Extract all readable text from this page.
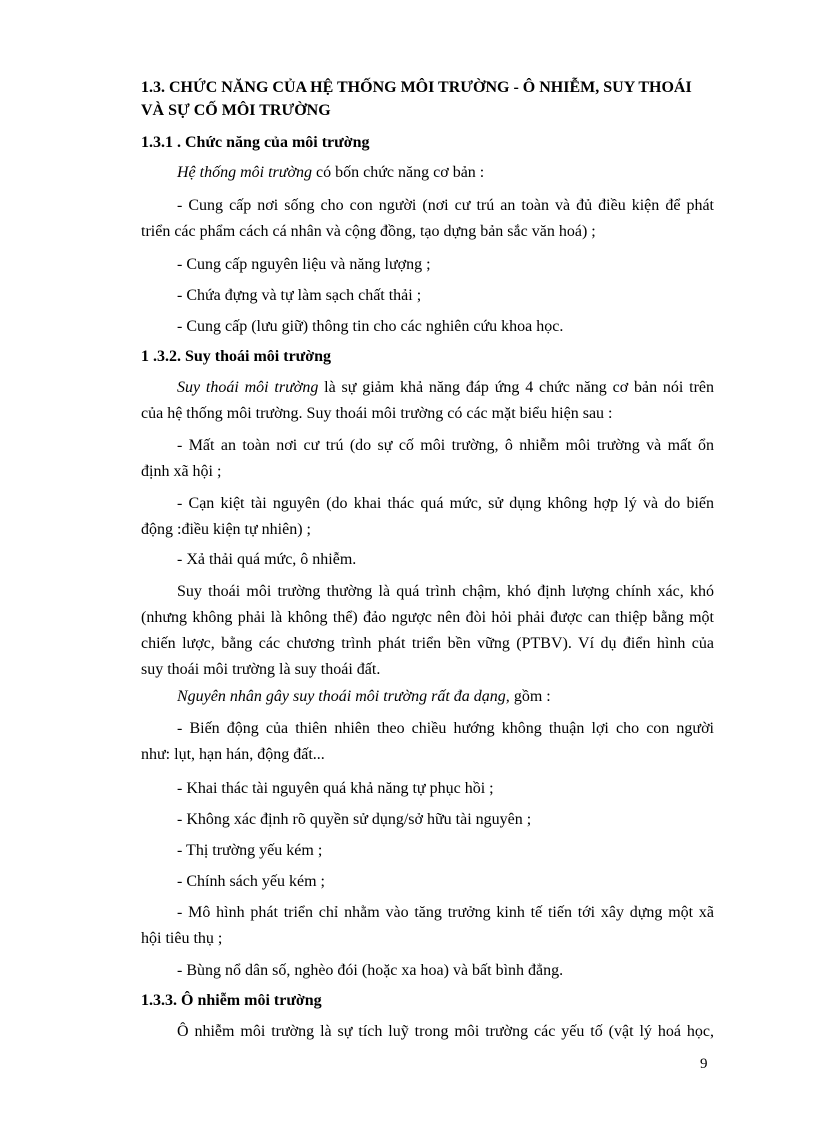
1.3. CHỨC NĂNG CỦA HỆ THỐNG MÔI TRƯỜNG - Ô NHIỄM, SUY THOÁI
VÀ SỰ CỐ MÔI TRƯỜNG
1.3.1 . Chức năng của môi trường
Hệ thống môi trường có bốn chức năng cơ bản :
- Cung cấp nơi sống cho con người (nơi cư trú an toàn và đủ điều kiện để phát
triển các phẩm cách cá nhân và cộng đồng, tạo dựng bản sắc văn hoá) ;
- Cung cấp nguyên liệu và năng lượng ;
- Chứa đựng và tự làm sạch chất thải ;
- Cung cấp (lưu giữ) thông tin cho các nghiên cứu khoa học.
1 .3.2. Suy thoái môi trường
Suy thoái môi trường là sự giảm khả năng đáp ứng 4 chức năng cơ bản nói trên
của hệ thống môi trường. Suy thoái môi trường có các mặt biểu hiện sau :
- Mất an toàn nơi cư trú (do sự cố môi trường, ô nhiễm môi trường và mất ổn
định xã hội ;
- Cạn kiệt tài nguyên (do khai thác quá mức, sử dụng không hợp lý và do biến
động :điều kiện tự nhiên) ;
- Xả thải quá mức, ô nhiễm.
Suy thoái môi trường thường là quá trình chậm, khó định lượng chính xác, khó
(nhưng không phải là không thể) đảo ngược nên đòi hỏi phải được can thiệp bằng một
chiến lược, bằng các chương trình phát triển bền vững (PTBV). Ví dụ điển hình của
suy thoái môi trường là suy thoái đất.
Nguyên nhân gây suy thoái môi trường rất đa dạng, gồm :
- Biến động của thiên nhiên theo chiều hướng không thuận lợi cho con người
như: lụt, hạn hán, động đất...
- Khai thác tài nguyên quá khả năng tự phục hồi ;
- Không xác định rõ quyền sử dụng/sở hữu tài nguyên ;
- Thị trường yếu kém ;
- Chính sách yếu kém ;
- Mô hình phát triển chỉ nhằm vào tăng trưởng kinh tế tiến tới xây dựng một xã
hội tiêu thụ ;
- Bùng nổ dân số, nghèo đói (hoặc xa hoa) và bất bình đẳng.
1.3.3. Ô nhiễm môi trường
Ô nhiễm môi trường là sự tích luỹ trong môi trường các yếu tố (vật lý hoá học,
9
